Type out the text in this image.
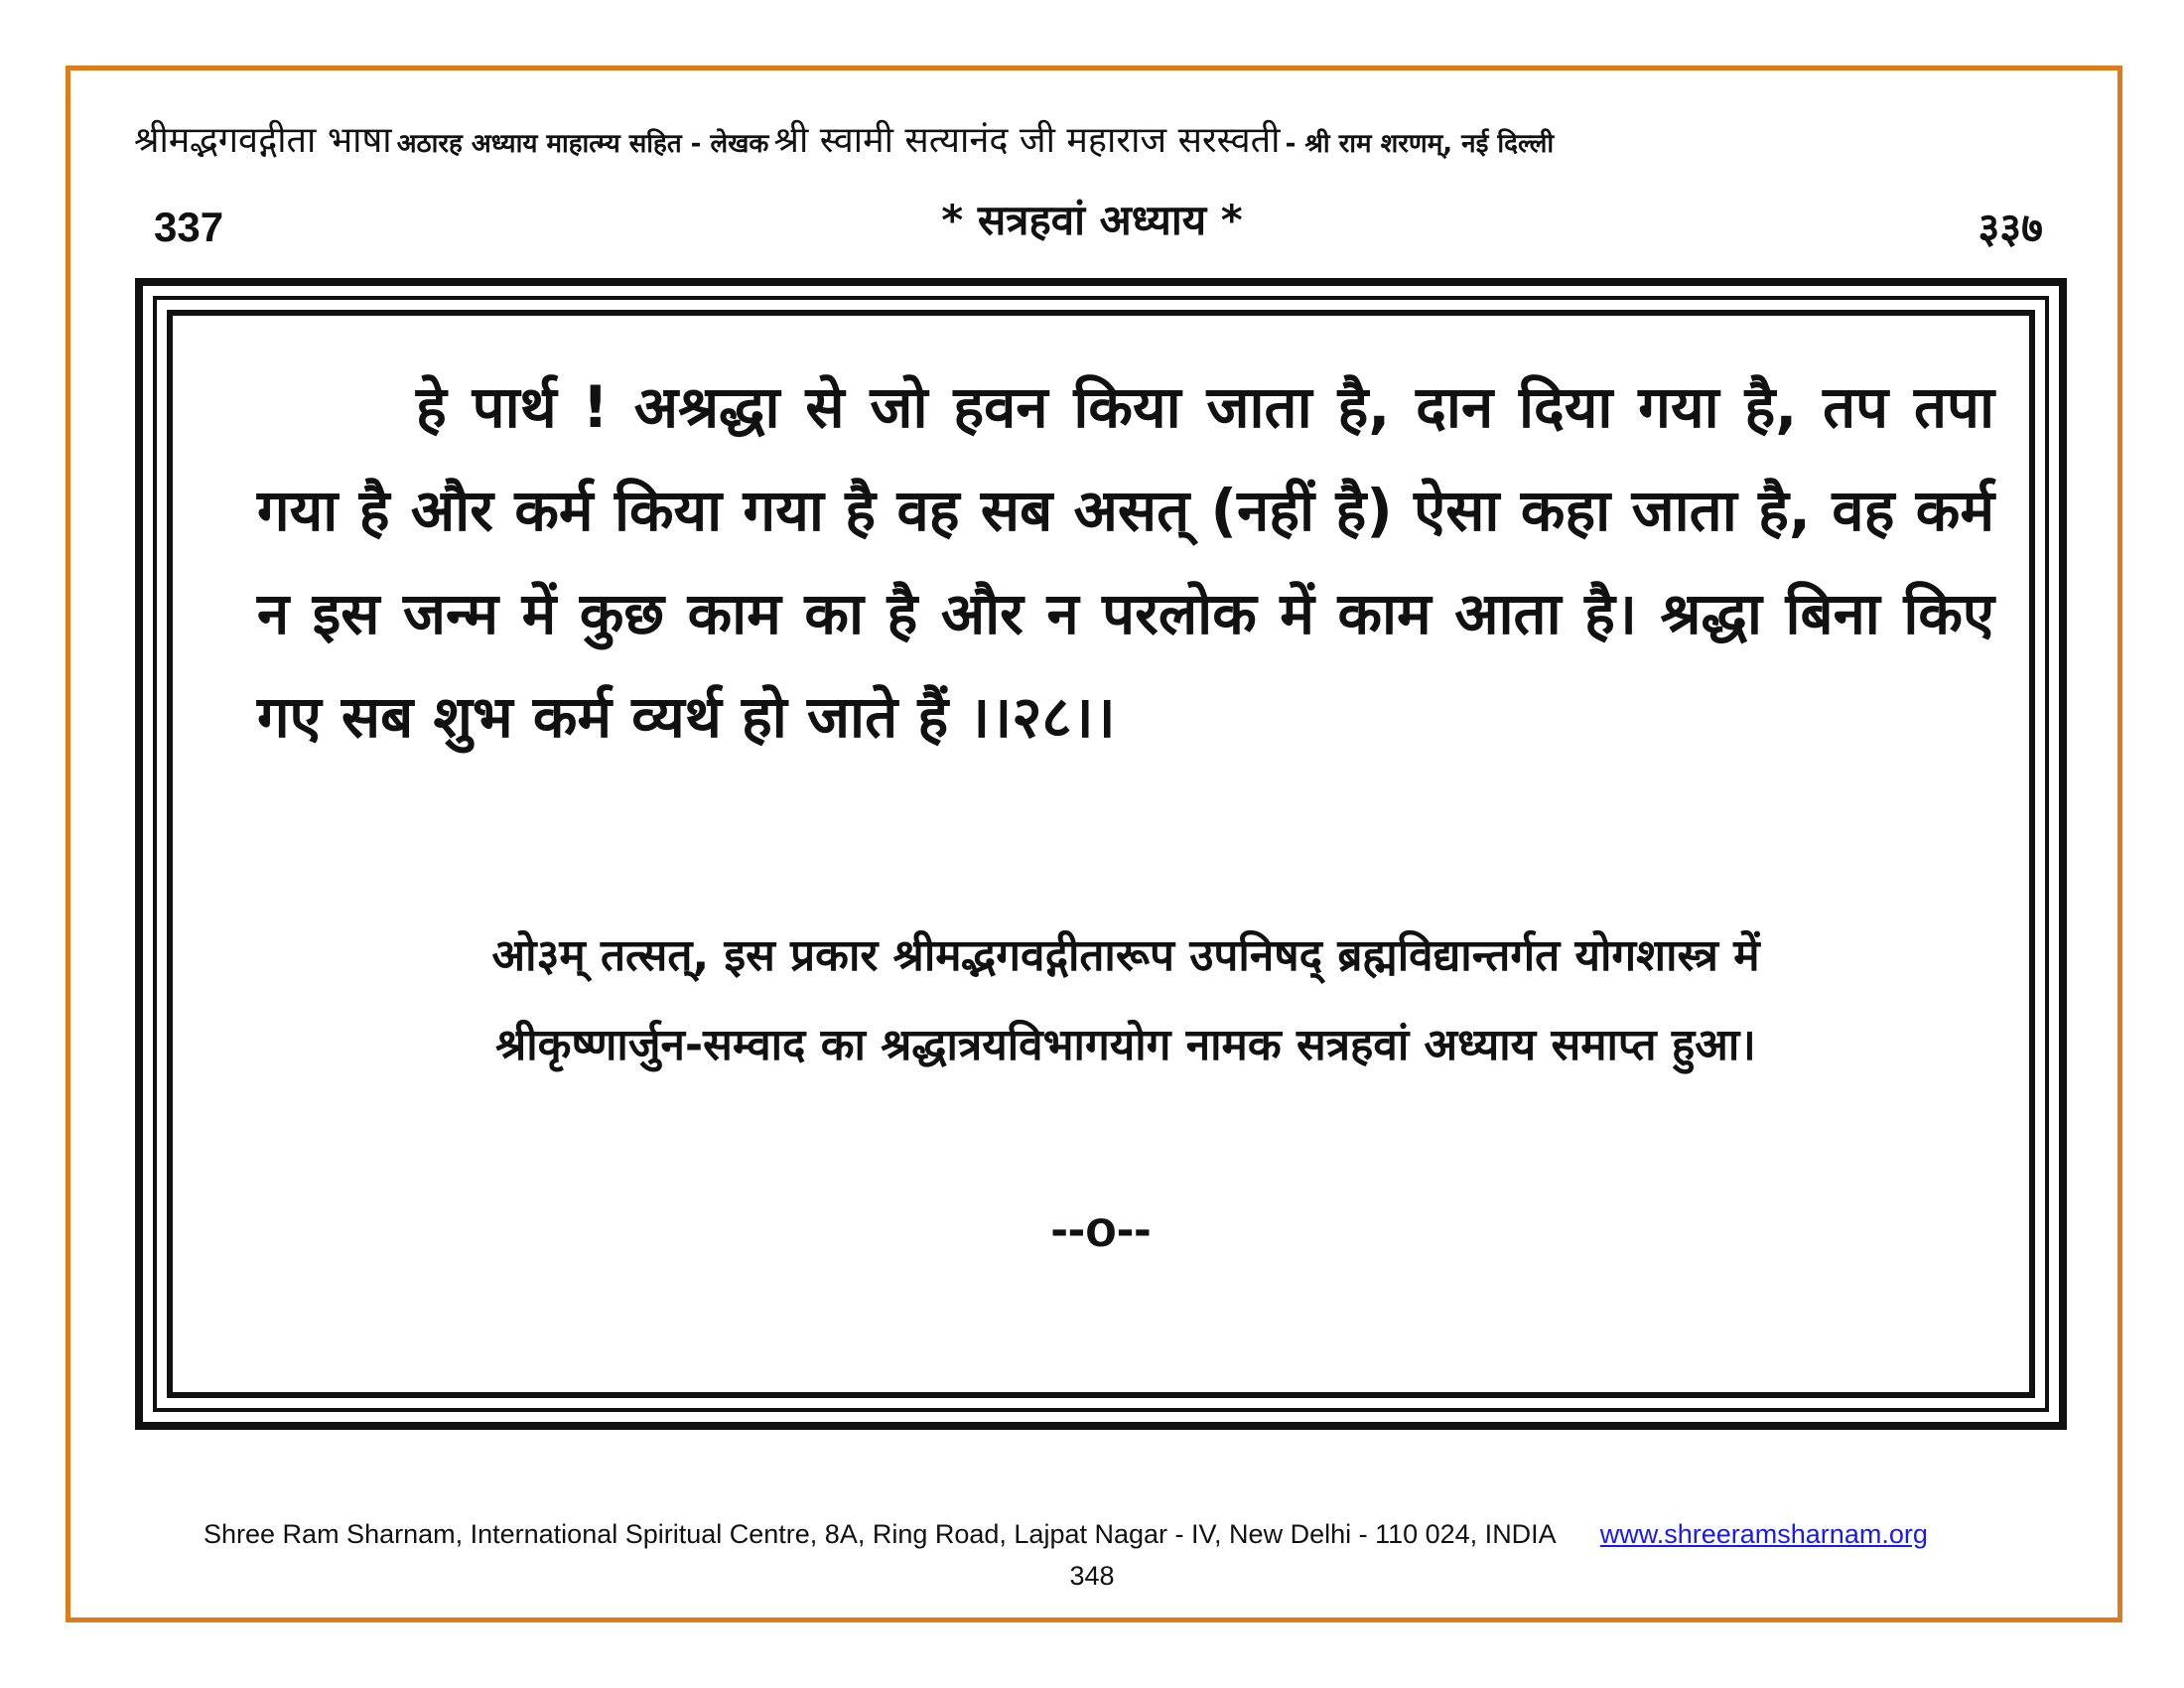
श्रीमद्भगवद्गीता भाषा अठारह अध्याय माहात्म्य सहित - लेखक श्री स्वामी सत्यानंद जी महाराज सरस्वती - श्री राम शरणम्, नई दिल्ली
337	* सत्रहवां अध्याय *	३३७
हे पार्थ ! अश्रद्धा से जो हवन किया जाता है, दान दिया गया है, तप तपा गया है और कर्म किया गया है वह सब असत् (नहीं है) ऐसा कहा जाता है, वह कर्म न इस जन्म में कुछ काम का है और न परलोक में काम आता है। श्रद्धा बिना किए गए सब शुभ कर्म व्यर्थ हो जाते हैं ।।२८।।
ओ३म् तत्सत्, इस प्रकार श्रीमद्भगवद्गीतारूप उपनिषद् ब्रह्मविद्यान्तर्गत योगशास्त्र में
श्रीकृष्णार्जुन-सम्वाद का श्रद्धात्रयविभागयोग नामक सत्रहवां अध्याय समाप्त हुआ।
--o--
Shree Ram Sharnam, International Spiritual Centre, 8A, Ring Road, Lajpat Nagar - IV, New Delhi - 110 024, INDIA www.shreeramsharnam.org
348
